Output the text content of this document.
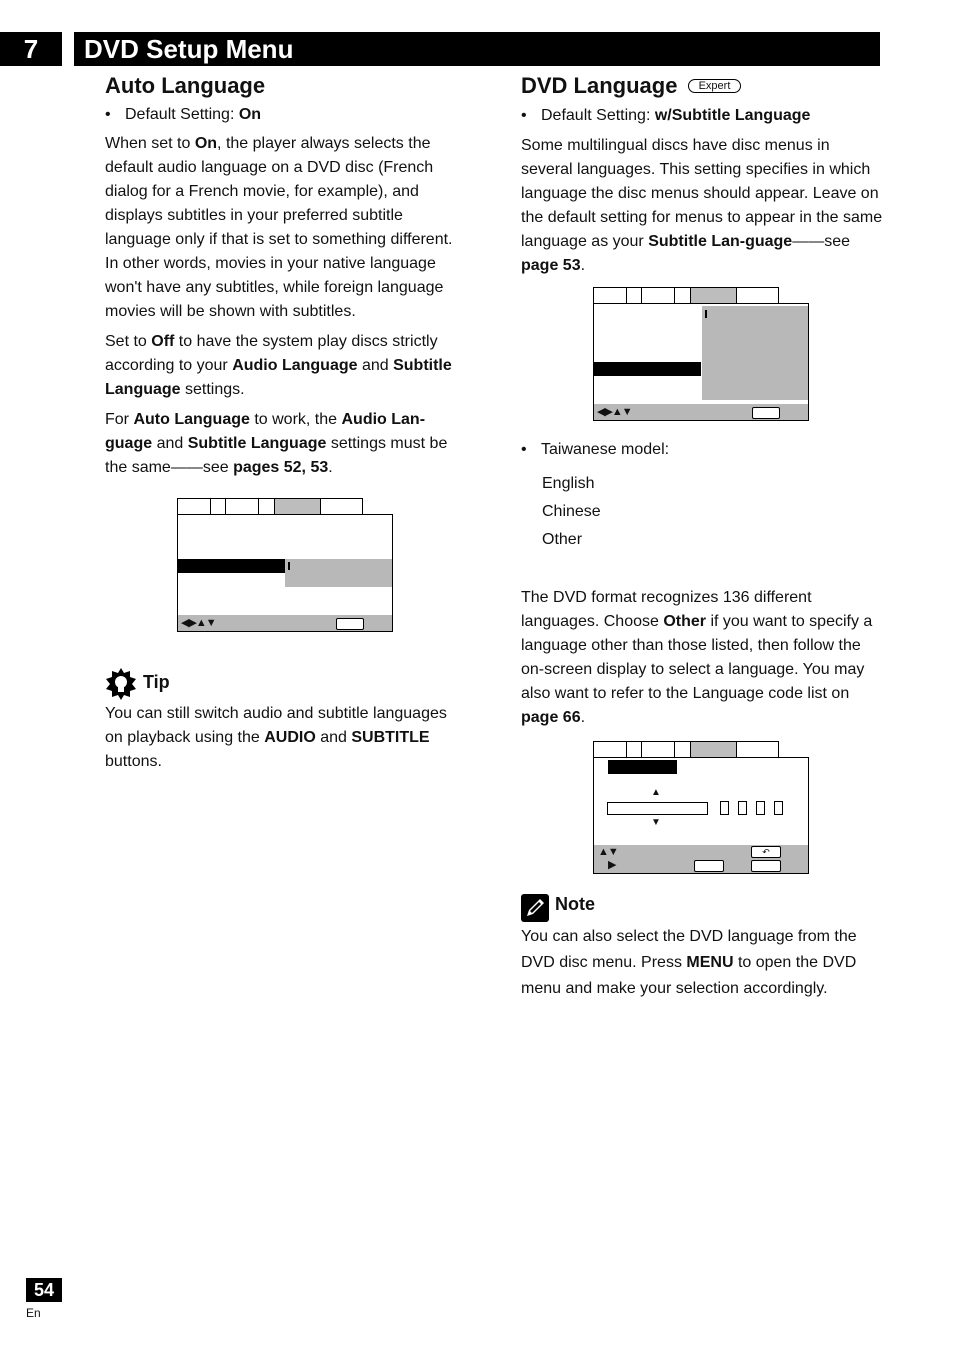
7	DVD Setup Menu
Auto Language
• Default Setting: On

When set to On, the player always selects the default audio language on a DVD disc (French dialog for a French movie, for example), and displays subtitles in your preferred subtitle language only if that is set to something different. In other words, movies in your native language won't have any subtitles, while foreign language movies will be shown with subtitles.

Set to Off to have the system play discs strictly according to your Audio Language and Subtitle Language settings.

For Auto Language to work, the Audio Lan-guage and Subtitle Language settings must be the same——see pages 52, 53.

◀▶▲▼
Tip

You can still switch audio and subtitle languages on playback using the AUDIO and SUBTITLE buttons.

DVD Language Expert
• Default Setting: w/Subtitle Language

Some multilingual discs have disc menus in several languages. This setting specifies in which language the disc menus should appear. Leave on the default setting for menus to appear in the same language as your Subtitle Lan-guage——see page 53.

◀▶▲▼
• Taiwanese model:
English
Chinese
Other

The DVD format recognizes 136 different languages. Choose Other if you want to specify a language other than those listed, then follow the on-screen display to select a language. You may also want to refer to the Language code list on page 66.

▲
▼
▲▼
▶
↶
Note

You can also select the DVD language from the DVD disc menu. Press MENU to open the DVD menu and make your selection accordingly.

54
En
